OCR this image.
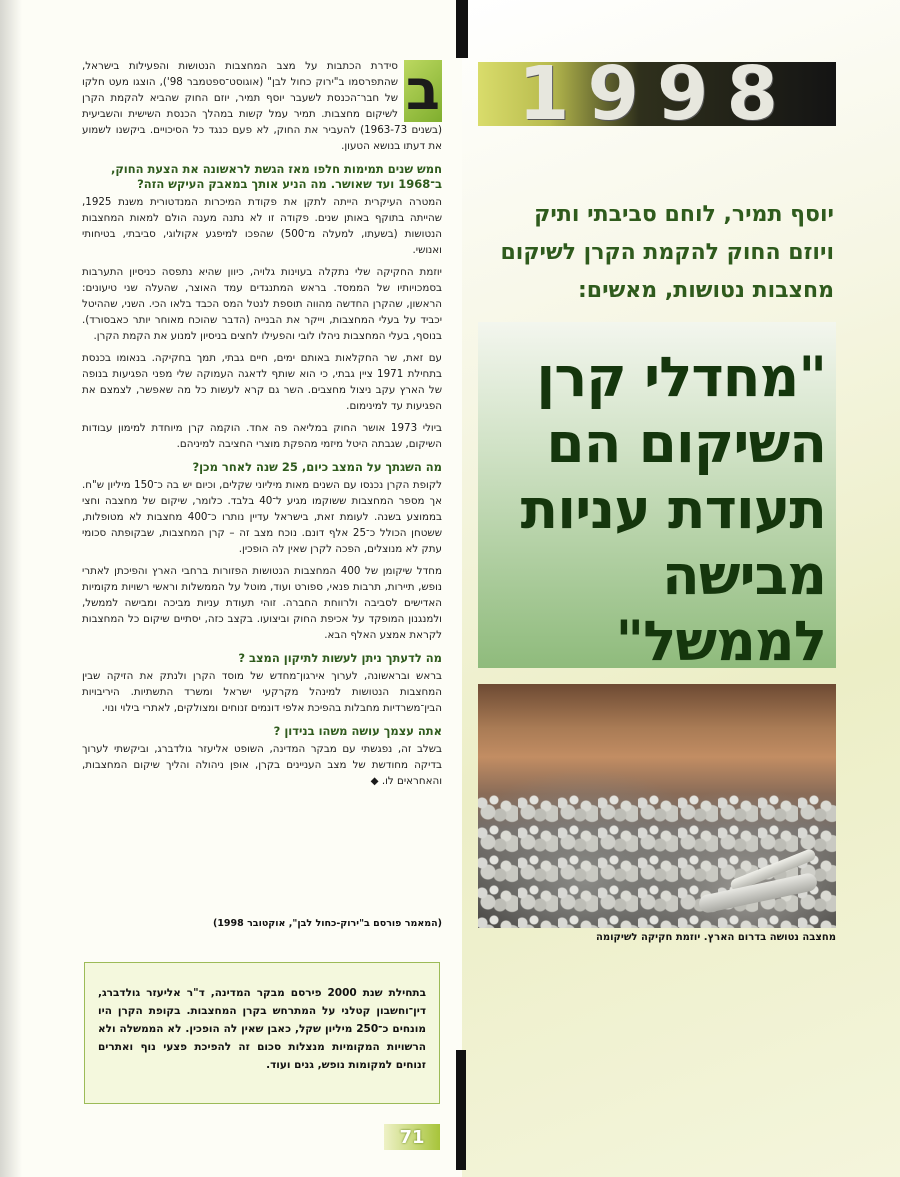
1998
יוסף תמיר, לוחם סביבתי ותיק ויוזם החוק להקמת הקרן לשיקום מחצבות נטושות, מאשים:
"מחדלי קרן השיקום הם תעודת עניות מבישה לממשל"
מחצבה נטושה בדרום הארץ. יוזמת חקיקה לשיקומה
ב

סידרת הכתבות על מצב המחצבות הנטושות והפעילות בישראל, שהתפרסמו ב"ירוק כחול לבן" (אוגוסט־ספטמבר 98'), הוצגו מעט חלקו של חבר־הכנסת לשעבר יוסף תמיר, יוזם החוק שהביא להקמת הקרן לשיקום מחצבות. תמיר עמל קשות במהלך הכנסת השישית והשביעית (בשנים 1963-73) להעביר את החוק, לא פעם כנגד כל הסיכויים. ביקשנו לשמוע את דעתו בנושא הטעון.

חמש שנים תמימות חלפו מאז הגשת לראשונה את הצעת החוק, ב־1968 ועד שאושר. מה הניע אותך במאבק העיקש הזה?

המטרה העיקרית הייתה לתקן את פקודת המיכרות המנדטורית משנת 1925, שהייתה בתוקף באותן שנים. פקודה זו לא נתנה מענה הולם למאות המחצבות הנטושות (בשעתו, למעלה מ־500) שהפכו למיפגע אקולוגי, סביבתי, בטיחותי ואנושי.

יוזמת החקיקה שלי נתקלה בעוינות גלויה, כיוון שהיא נתפסה כניסיון התערבות בסמכויותיו של הממסד. בראש המתנגדים עמד האוצר, שהעלה שני טיעונים: הראשון, שהקרן החדשה מהווה תוספת לנטל המס הכבד בלאו הכי. השני, שההיטל יכביד על בעלי המחצבות, וייקר את הבנייה (הדבר שהוכח מאוחר יותר כאבסורד). בנוסף, בעלי המחצבות ניהלו לובי והפעילו לחצים בניסיון למנוע את הקמת הקרן.

עם זאת, שר החקלאות באותם ימים, חיים גבתי, תמך בחקיקה. בנאומו בכנסת בתחילת 1971 ציין גבתי, כי הוא שותף לדאגה העמוקה שלי מפני הפגיעות בנופה של הארץ עקב ניצול מחצבים. השר גם קרא לעשות כל מה שאפשר, לצמצם את הפגיעות עד למינימום.

ביולי 1973 אושר החוק במליאה פה אחד. הוקמה קרן מיוחדת למימון עבודות השיקום, שגבתה היטל מיזמי מהפקת מוצרי החציבה למיניהם.

מה השגתך על המצב כיום, 25 שנה לאחר מכן?

לקופת הקרן נכנסו עם השנים מאות מיליוני שקלים, וכיום יש בה כ־150 מיליון ש"ח. אך מספר המחצבות ששוקמו מגיע ל־40 בלבד. כלומר, שיקום של מחצבה וחצי בממוצע בשנה. לעומת זאת, בישראל עדיין נותרו כ־400 מחצבות לא מטופלות, ששטחן הכולל כ־25 אלף דונם. נוכח מצב זה – קרן המחצבות, שבקופתה סכומי עתק לא מנוצלים, הפכה לקרן שאין לה הופכין.

מחדל שיקומן של 400 המחצבות הנטושות הפזורות ברחבי הארץ והפיכתן לאתרי נופש, תיירות, תרבות פנאי, ספורט ועוד, מוטל על הממשלות וראשי רשויות מקומיות האדישים לסביבה ולרווחת החברה. זוהי תעודת עניות מביכה ומבישה לממשל, ולמנגנון המופקד על אכיפת החוק וביצועו. בקצב כזה, יסתיים שיקום כל המחצבות לקראת אמצע האלף הבא.

מה לדעתך ניתן לעשות לתיקון המצב ?

בראש ובראשונה, לערוך אירגון־מחדש של מוסד הקרן ולנתק את הזיקה שבין המחצבות הנטושות למינהל מקרקעי ישראל ומשרד התשתיות. היריבויות הבין־משרדיות מחבלות בהפיכת אלפי דונמים זנוחים ומצולקים, לאתרי בילוי ונוי.

אתה עצמך עושה משהו בנידון ?

בשלב זה, נפגשתי עם מבקר המדינה, השופט אליעזר גולדברג, וביקשתי לערוך בדיקה מחודשת של מצב העניינים בקרן, אופן ניהולה והליך שיקום המחצבות, והאחראים לו. ◆

(המאמר פורסם ב"ירוק-כחול לבן", אוקטובר 1998)
בתחילת שנת 2000 פירסם מבקר המדינה, ד"ר אליעזר גולדברג, דין־וחשבון קטלני על המתרחש בקרן המחצבות. בקופת הקרן היו מונחים כ־250 מיליון שקל, כאבן שאין לה הופכין. לא הממשלה ולא הרשויות המקומיות מנצלות סכום זה להפיכת פצעי נוף ואתרים זנוחים למקומות נופש, גנים ועוד.
71
